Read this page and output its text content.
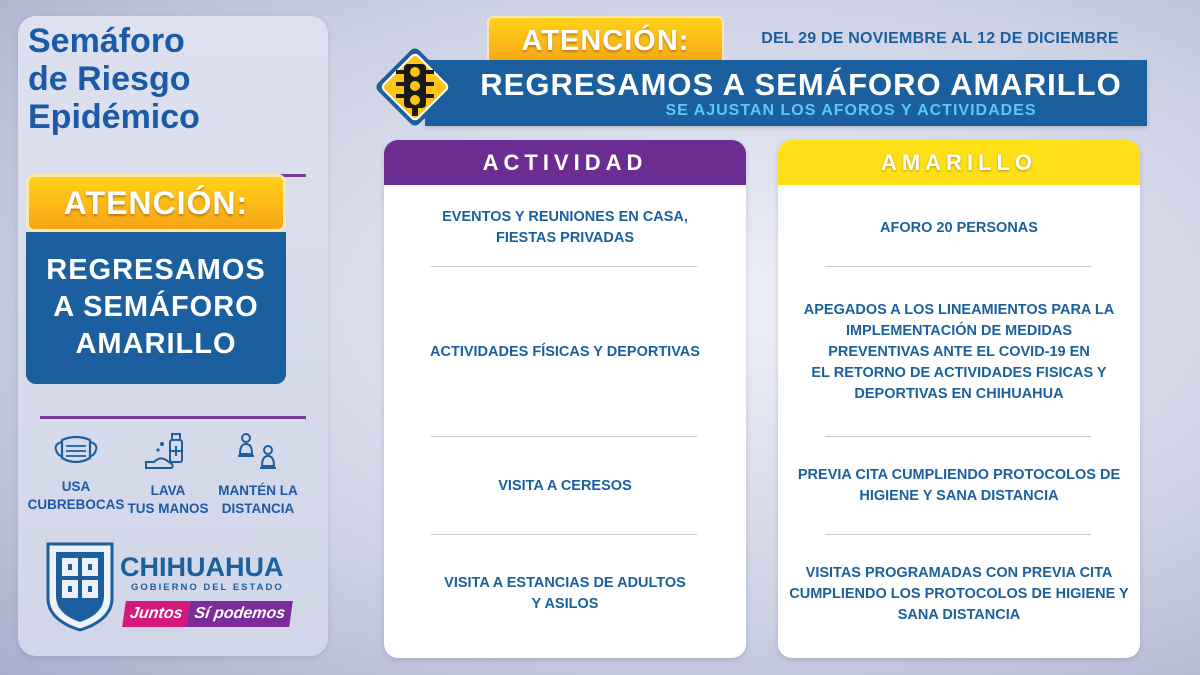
Semáforo
de Riesgo
Epidémico
ATENCIÓN:
REGRESAMOS
A SEMÁFORO
AMARILLO
USA
CUBREBOCAS
LAVA
TUS MANOS
MANTÉN LA
DISTANCIA
CHIHUAHUA
GOBIERNO DEL ESTADO
Juntos Sí podemos
ATENCIÓN:	DEL 29 DE NOVIEMBRE AL 12 DE DICIEMBRE
REGRESAMOS A SEMÁFORO AMARILLO
SE AJUSTAN LOS AFOROS Y ACTIVIDADES
ACTIVIDAD
EVENTOS Y REUNIONES EN CASA,
FIESTAS PRIVADAS
ACTIVIDADES FÍSICAS Y DEPORTIVAS
VISITA A CERESOS
VISITA A ESTANCIAS DE ADULTOS
Y ASILOS
AMARILLO
AFORO 20 PERSONAS
APEGADOS A LOS LINEAMIENTOS PARA LA
IMPLEMENTACIÓN DE MEDIDAS
PREVENTIVAS ANTE EL COVID-19 EN
EL RETORNO DE ACTIVIDADES FISICAS Y
DEPORTIVAS EN CHIHUAHUA
PREVIA CITA CUMPLIENDO PROTOCOLOS DE
HIGIENE Y SANA DISTANCIA
VISITAS PROGRAMADAS CON PREVIA CITA
CUMPLIENDO LOS PROTOCOLOS DE HIGIENE Y
SANA DISTANCIA
